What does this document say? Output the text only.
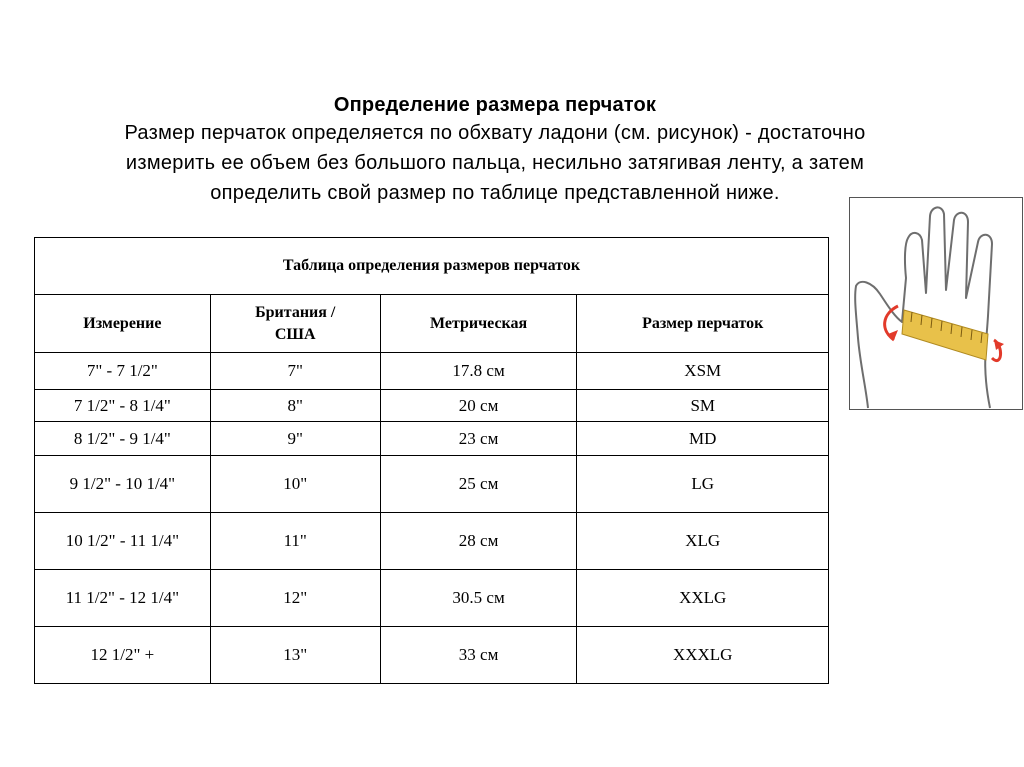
Определение размера перчаток
Размер перчаток определяется по обхвату ладони (см. рисунок) - достаточно
измерить ее объем без большого пальца, несильно затягивая ленту, а затем
определить свой размер по таблице представленной ниже.
Таблица определения размеров перчаток			
Измерение	Британия / США	Метрическая	Размер перчаток
7" - 7 1/2"	7"	17.8 см	XSM
7 1/2" - 8 1/4"	8"	20 см	SM
8 1/2" - 9 1/4"	9"	23 см	MD
9 1/2" - 10 1/4"	10"	25 см	LG
10 1/2" - 11 1/4"	11"	28 см	XLG
11 1/2" - 12 1/4"	12"	30.5 см	XXLG
12 1/2" +	13"	33 см	XXXLG
